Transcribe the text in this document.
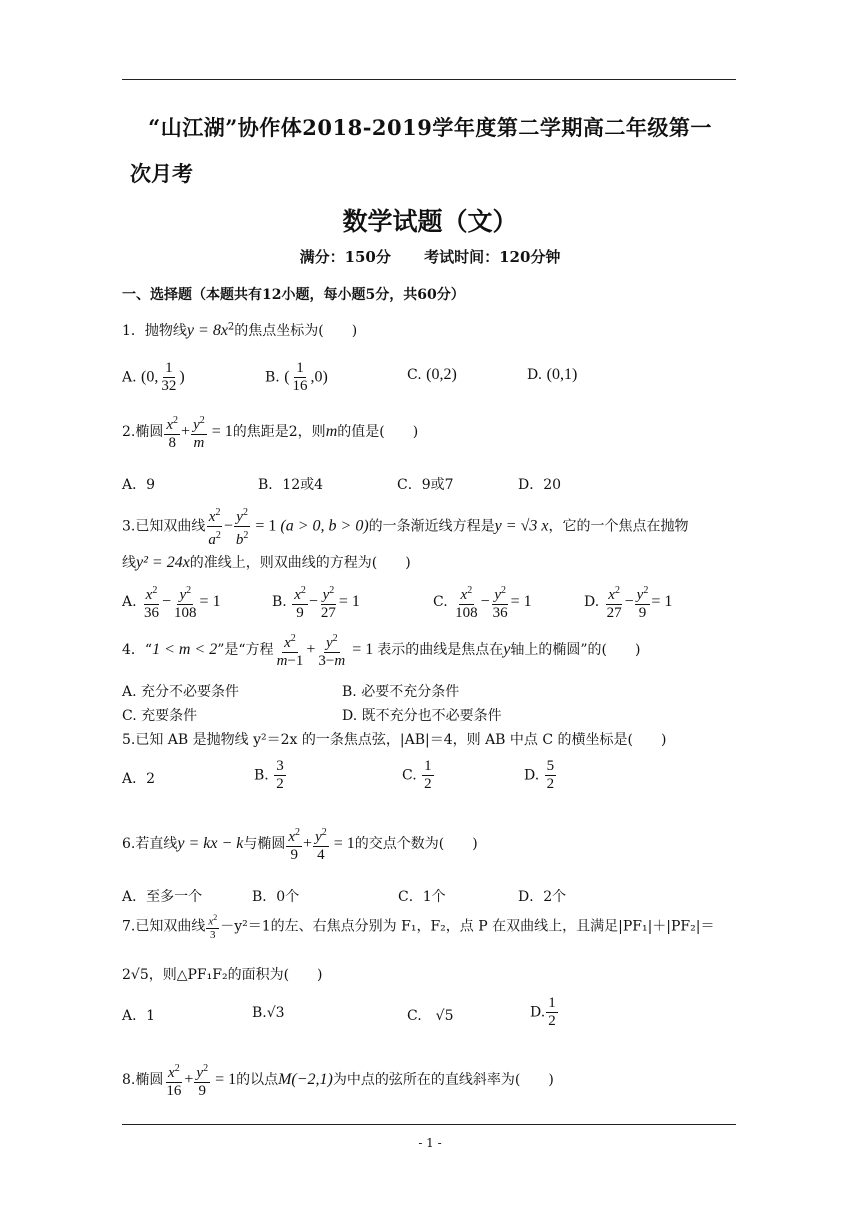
“山江湖”协作体2018-2019学年度第二学期高二年级第一
次月考
数学试题（文）
满分：150分 考试时间：120分钟
一、选择题（本题共有12小题，每小题5分，共60分）
1．抛物线$y = 8x^2$的焦点坐标为(　　)
A. (0, $\frac{1}{32}$ )	B. ( $\frac{1}{16} ,0$)	C. (0,2)	D. (0,1)
2.椭圆 $\frac{x^2}{8} + \frac{y^2}{m} = 1$的焦距是2，则m的值是(　　)
A．9	B．12或4	C．9或7	D．20
3.已知双曲线 $\frac{x^2}{a^2} - \frac{y^2}{b^2} = 1$ (a > 0, b > 0)的一条渐近线方程是y = √3 x，它的一个焦点在抛物
线y² = 24x的准线上，则双曲线的方程为(　　)
A. $\frac{x^2}{36} - \frac{y^2}{108} = 1$	B. $\frac{x^2}{9} - \frac{y^2}{27} = 1$	C. $\frac{x^2}{108} - \frac{y^2}{36} = 1$	D. $\frac{x^2}{27} - \frac{y^2}{9} = 1$
4．“1 < m < 2”是“方程 $\frac{x^2}{m-1} + \frac{y^2}{3-m} = 1$ 表示的曲线是焦点在y轴上的椭圆”的(　　)
A. 充分不必要条件	B. 必要不充分条件
C. 充要条件	D. 既不充分也不必要条件
5.已知 AB 是抛物线 y²＝2x 的一条焦点弦，|AB|＝4，则 AB 中点 C 的横坐标是(　　)
A．2	B. $\frac{3}{2}$	C. $\frac{1}{2}$	D. $\frac{5}{2}$
6.若直线y = kx − k与椭圆 $\frac{x^2}{9} + \frac{y^2}{4} = 1$的交点个数为(　　)
A．至多一个	B．0个	C．1个	D．2个
7.已知双曲线 $\frac{x^2}{3} -y^2=1$的左、右焦点分别为 F₁，F₂，点 P 在双曲线上，且满足|PF₁|＋|PF₂|＝
2√5，则△PF₁F₂的面积为(　　)
A．1	B.√3	C.　√5	D. $\frac{1}{2}$
8.椭圆 $\frac{x^2}{16} + \frac{y^2}{9} = 1$的以点M(−2,1)为中点的弦所在的直线斜率为(　　)
- 1 -
